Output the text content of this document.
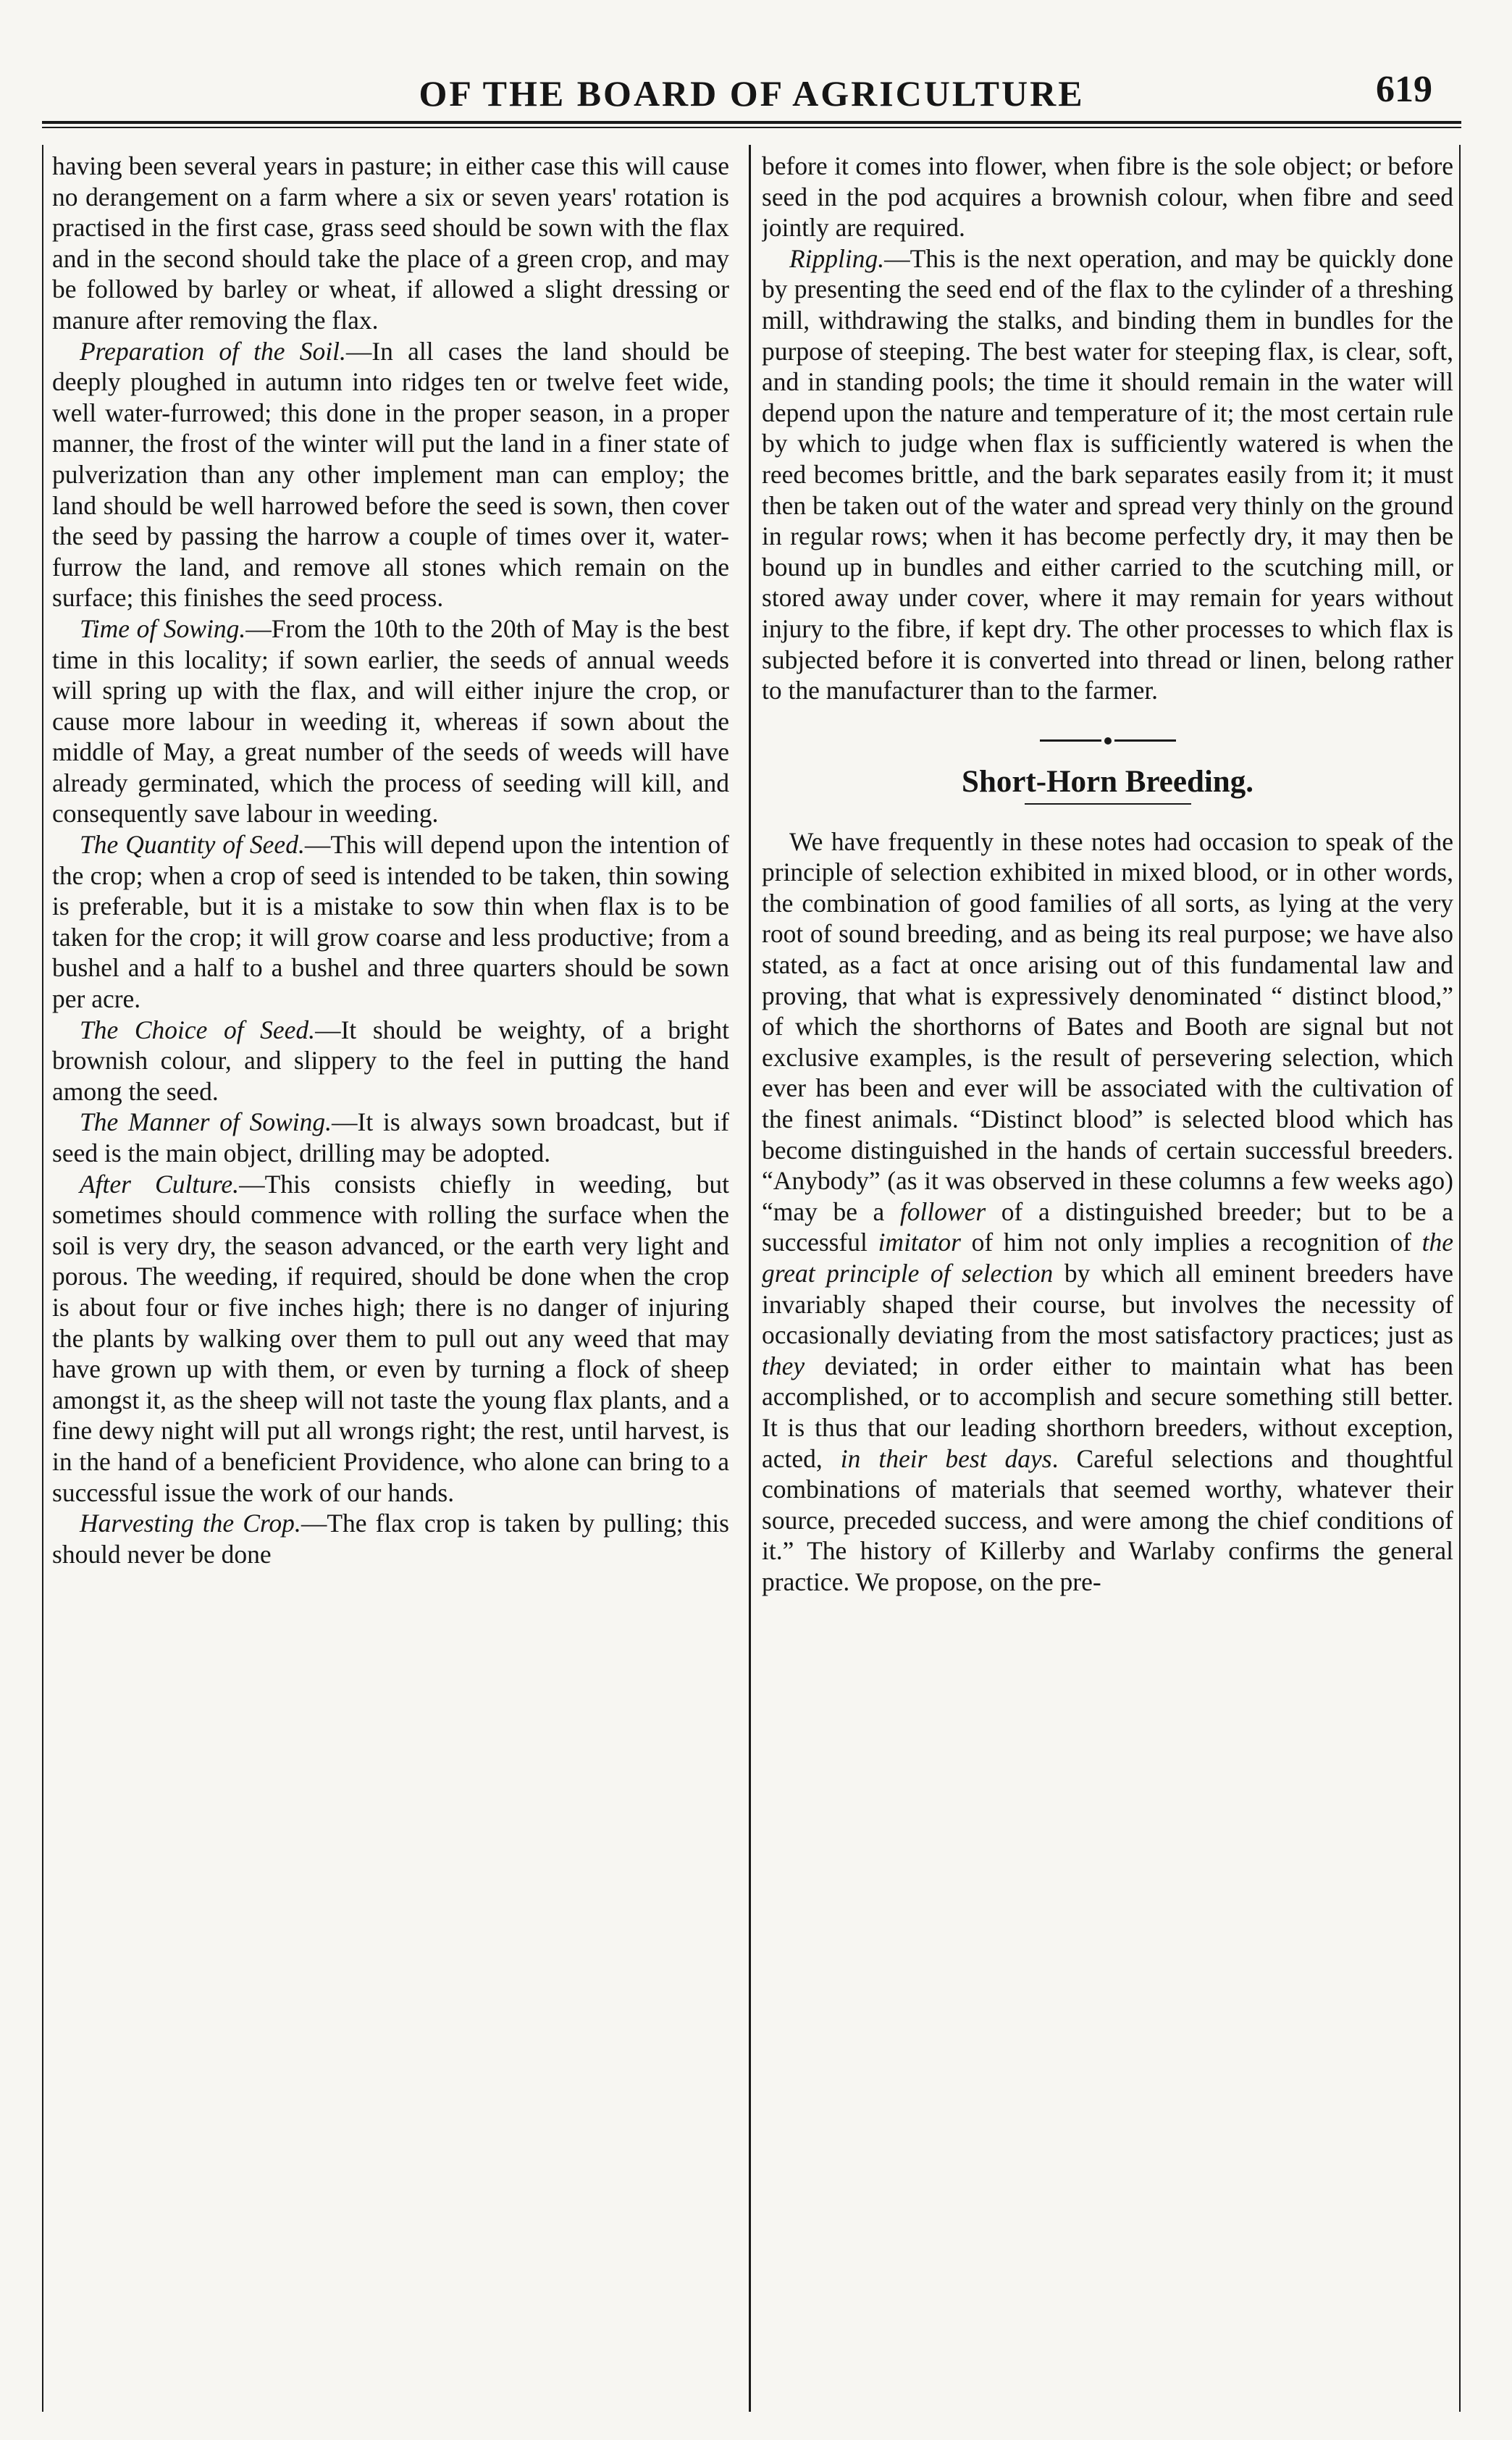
OF THE BOARD OF AGRICULTURE	619

having been several years in pasture; in either case this will cause no derangement on a farm where a six or seven years' rotation is practised in the first case, grass seed should be sown with the flax and in the second should take the place of a green crop, and may be followed by barley or wheat, if allowed a slight dressing or manure after removing the flax.

Preparation of the Soil.—In all cases the land should be deeply ploughed in autumn into ridges ten or twelve feet wide, well water-furrowed; this done in the proper season, in a proper manner, the frost of the winter will put the land in a finer state of pulverization than any other implement man can employ; the land should be well harrowed before the seed is sown, then cover the seed by passing the harrow a couple of times over it, water-furrow the land, and remove all stones which remain on the surface; this finishes the seed process.

Time of Sowing.—From the 10th to the 20th of May is the best time in this locality; if sown earlier, the seeds of annual weeds will spring up with the flax, and will either injure the crop, or cause more labour in weeding it, whereas if sown about the middle of May, a great number of the seeds of weeds will have already germinated, which the process of seeding will kill, and consequently save labour in weeding.

The Quantity of Seed.—This will depend upon the intention of the crop; when a crop of seed is intended to be taken, thin sowing is preferable, but it is a mistake to sow thin when flax is to be taken for the crop; it will grow coarse and less productive; from a bushel and a half to a bushel and three quarters should be sown per acre.

The Choice of Seed.—It should be weighty, of a bright brownish colour, and slippery to the feel in putting the hand among the seed.

The Manner of Sowing.—It is always sown broadcast, but if seed is the main object, drilling may be adopted.

After Culture.—This consists chiefly in weeding, but sometimes should commence with rolling the surface when the soil is very dry, the season advanced, or the earth very light and porous. The weeding, if required, should be done when the crop is about four or five inches high; there is no danger of injuring the plants by walking over them to pull out any weed that may have grown up with them, or even by turning a flock of sheep amongst it, as the sheep will not taste the young flax plants, and a fine dewy night will put all wrongs right; the rest, until harvest, is in the hand of a beneficient Providence, who alone can bring to a successful issue the work of our hands.

Harvesting the Crop.—The flax crop is taken by pulling; this should never be done

before it comes into flower, when fibre is the sole object; or before seed in the pod acquires a brownish colour, when fibre and seed jointly are required.

Rippling.—This is the next operation, and may be quickly done by presenting the seed end of the flax to the cylinder of a threshing mill, withdrawing the stalks, and binding them in bundles for the purpose of steeping. The best water for steeping flax, is clear, soft, and in standing pools; the time it should remain in the water will depend upon the nature and temperature of it; the most certain rule by which to judge when flax is sufficiently watered is when the reed becomes brittle, and the bark separates easily from it; it must then be taken out of the water and spread very thinly on the ground in regular rows; when it has become perfectly dry, it may then be bound up in bundles and either carried to the scutching mill, or stored away under cover, where it may remain for years without injury to the fibre, if kept dry. The other processes to which flax is subjected before it is converted into thread or linen, belong rather to the manufacturer than to the farmer.

Short-Horn Breeding.

We have frequently in these notes had occasion to speak of the principle of selection exhibited in mixed blood, or in other words, the combination of good families of all sorts, as lying at the very root of sound breeding, and as being its real purpose; we have also stated, as a fact at once arising out of this fundamental law and proving, that what is expressively denominated “ distinct blood,” of which the shorthorns of Bates and Booth are signal but not exclusive examples, is the result of persevering selection, which ever has been and ever will be associated with the cultivation of the finest animals. “Distinct blood” is selected blood which has become distinguished in the hands of certain successful breeders. “Anybody” (as it was observed in these columns a few weeks ago) “may be a follower of a distinguished breeder; but to be a successful imitator of him not only implies a recognition of the great principle of selection by which all eminent breeders have invariably shaped their course, but involves the necessity of occasionally deviating from the most satisfactory practices; just as they deviated; in order either to maintain what has been accomplished, or to accomplish and secure something still better. It is thus that our leading shorthorn breeders, without exception, acted, in their best days. Careful selections and thoughtful combinations of materials that seemed worthy, whatever their source, preceded success, and were among the chief conditions of it.” The history of Killerby and Warlaby confirms the general practice. We propose, on the pre-
